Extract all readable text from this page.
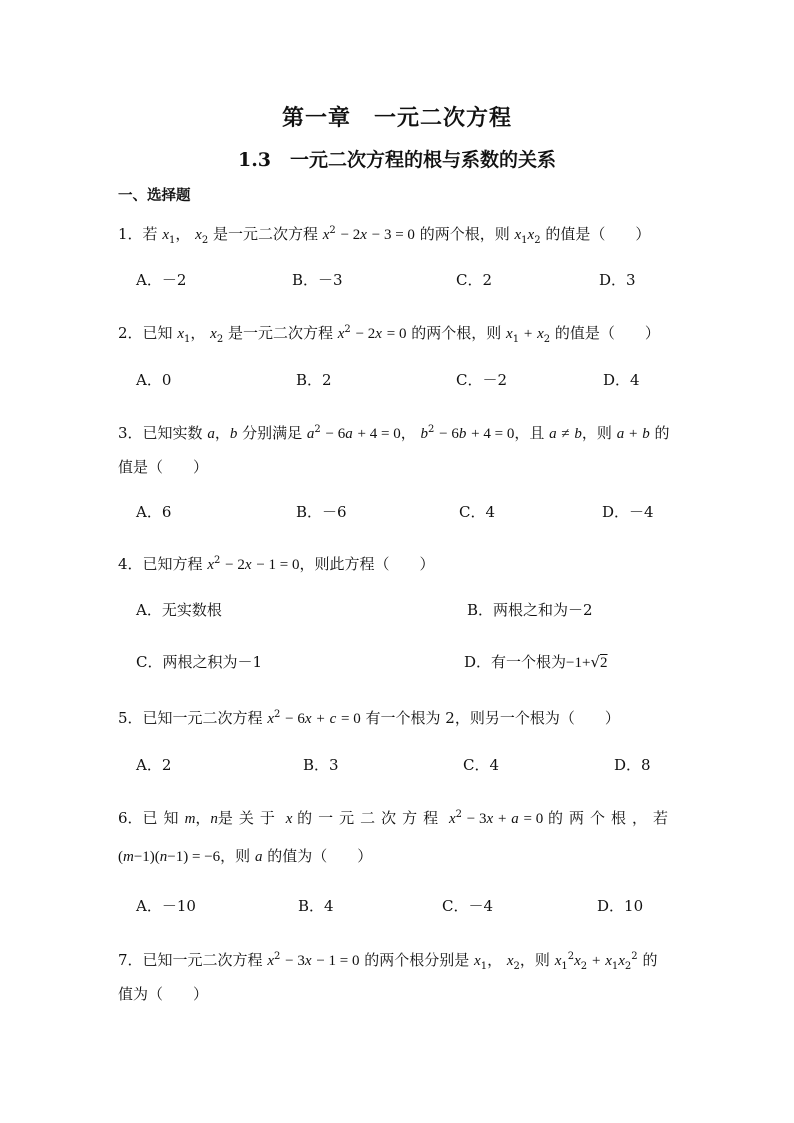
第一章　一元二次方程
1.3　一元二次方程的根与系数的关系
一、选择题
1．若 $x_1$， $x_2$ 是一元二次方程 $x^2 - 2x - 3 = 0$ 的两个根，则 $x_1x_2$ 的值是（　　）
A．－2	B．－3	C．2	D．3
2．已知 $x_1$， $x_2$ 是一元二次方程 $x^2 - 2x = 0$ 的两个根，则 $x_1 + x_2$ 的值是（　　）
A．0	B．2	C．－2	D．4
3．已知实数 a，b 分别满足 $a^2 - 6a + 4 = 0$， $b^2 - 6b + 4 = 0$，且 a ≠ b，则 a + b 的
值是（　　）
A．6	B．－6	C．4	D．－4
4．已知方程 $x^2 - 2x - 1 = 0$，则此方程（　　）
A．无实数根	B．两根之和为－2
C．两根之积为－1	D．有一个根为−1+√2
5．已知一元二次方程 $x^2 - 6x + c = 0$ 有一个根为 2，则另一个根为（　　）
A．2	B．3	C．4	D．8
6．已知m，n是关于 x 的一元二次方程 $x^2 - 3x + a = 0$ 的两个根，若
(m−1)(n−1) = −6，则 a 的值为（　　）
A．－10	B．4	C．－4	D．10
7．已知一元二次方程 $x^2 - 3x - 1 = 0$ 的两个根分别是 $x_1$， $x_2$，则 $x_1^2x_2 + x_1x_2^2$ 的
值为（　　）
